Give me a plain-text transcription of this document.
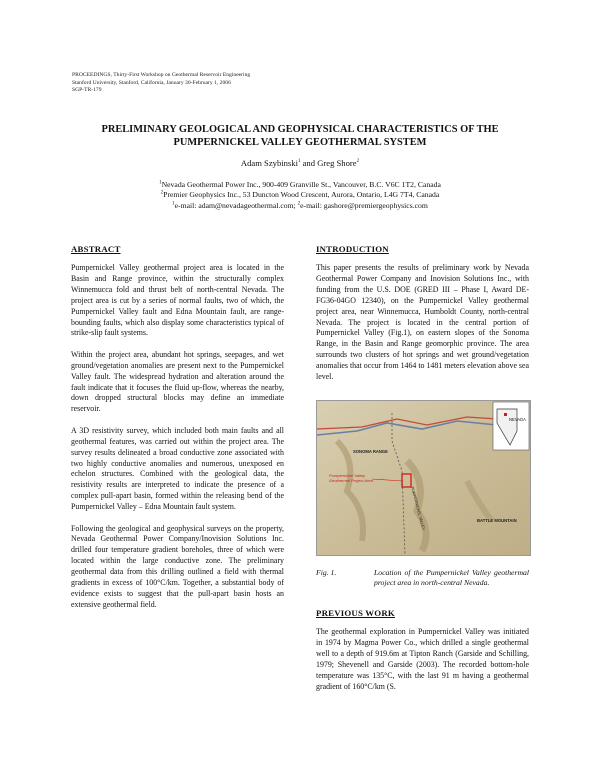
PROCEEDINGS, Thirty-First Workshop on Geothermal Reservoir Engineering
Stanford University, Stanford, California, January 30-February 1, 2006
SGP-TR-179
PRELIMINARY GEOLOGICAL AND GEOPHYSICAL CHARACTERISTICS OF THE
PUMPERNICKEL VALLEY GEOTHERMAL SYSTEM
Adam Szybinski$^1$ and Greg Shore$^2$
$^1$Nevada Geothermal Power Inc., 900-409 Granville St., Vancouver, B.C. V6C 1T2, Canada
$^2$Premier Geophysics Inc., 53 Duncton Wood Crescent, Aurora, Ontario, L4G 7T4, Canada
$^1$e-mail: adam@nevadageothermal.com; $^2$e-mail: gashore@premiergeophysics.com
ABSTRACT

Pumpernickel Valley geothermal project area is located in the Basin and Range province, within the structurally complex Winnemucca fold and thrust belt of north-central Nevada. The project area is cut by a series of normal faults, two of which, the Pumpernickel Valley fault and Edna Mountain fault, are range-bounding faults, which also display some characteristics typical of strike-slip fault systems.

Within the project area, abundant hot springs, seepages, and wet ground/vegetation anomalies are present next to the Pumpernickel Valley fault. The widespread hydration and alteration around the fault indicate that it focuses the fluid up-flow, whereas the nearby, down dropped structural blocks may define an immediate reservoir.

A 3D resistivity survey, which included both main faults and all geothermal features, was carried out within the project area. The survey results delineated a broad conductive zone associated with two highly conductive anomalies and numerous, unexposed en echelon structures. Combined with the geological data, the resistivity results are interpreted to indicate the presence of a complex pull-apart basin, formed within the releasing bend of the Pumpernickel Valley – Edna Mountain fault system.

Following the geological and geophysical surveys on the property, Nevada Geothermal Power Company/Inovision Solutions Inc. drilled four temperature gradient boreholes, three of which were located within the large conductive zone. The preliminary geothermal data from this drilling outlined a field with thermal gradients in excess of 100°C/km. Together, a substantial body of evidence exists to suggest that the pull-apart basin hosts an extensive geothermal field.

INTRODUCTION

This paper presents the results of preliminary work by Nevada Geothermal Power Company and Inovision Solutions Inc., with funding from the U.S. DOE (GRED III – Phase I, Award DE-FG36-04GO 12340), on the Pumpernickel Valley geothermal project area, near Winnemucca, Humboldt County, north-central Nevada. The project is located in the central portion of Pumpernickel Valley (Fig.1), on eastern slopes of the Sonoma Range, in the Basin and Range geomorphic province. The area surrounds two clusters of hot springs and wet ground/vegetation anomalies that occur from 1464 to 1481 meters elevation above sea level.

NEVADA
SONOMA RANGE
Pumpernickel Valley
Geothermal Project Area
PUMPERNICKEL VALLEY	BATTLE MOUNTAIN
Fig. 1.	Location of the Pumpernickel Valley geothermal project area in north-central Nevada.
PREVIOUS WORK

The geothermal exploration in Pumpernickel Valley was initiated in 1974 by Magma Power Co., which drilled a single geothermal well to a depth of 919.6m at Tipton Ranch (Garside and Schilling, 1979; Shevenell and Garside (2003). The recorded bottom-hole temperature was 135°C, with the last 91 m having a geothermal gradient of 160°C/km (S.
